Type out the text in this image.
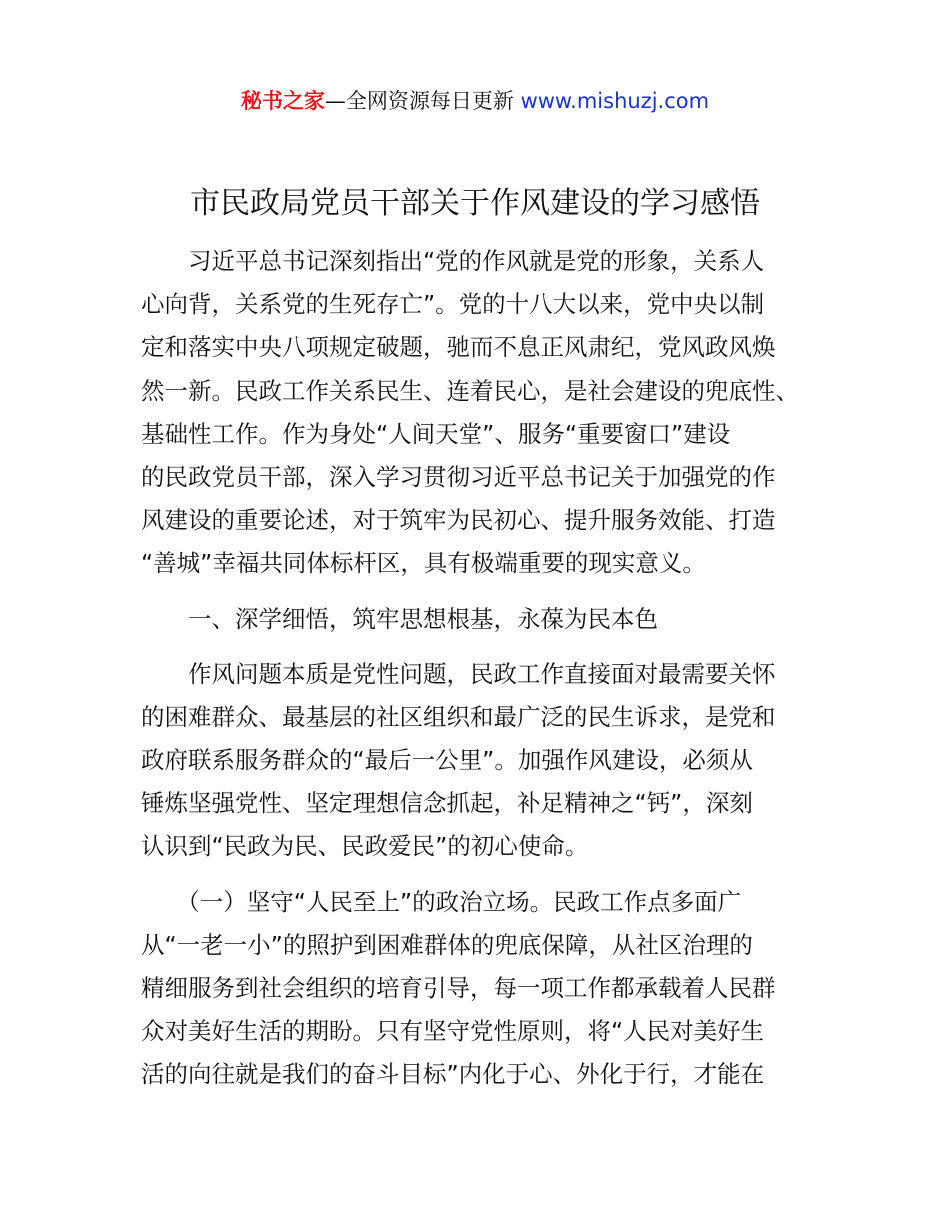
秘书之家—全网资源每日更新 www.mishuzj.com
市民政局党员干部关于作风建设的学习感悟
　　习近平总书记深刻指出“党的作风就是党的形象，关系人
心向背，关系党的生死存亡”。党的十八大以来，党中央以制
定和落实中央八项规定破题，驰而不息正风肃纪，党风政风焕
然一新。民政工作关系民生、连着民心，是社会建设的兜底性、
基础性工作。作为身处“人间天堂”、服务“重要窗口”建设
的民政党员干部，深入学习贯彻习近平总书记关于加强党的作
风建设的重要论述，对于筑牢为民初心、提升服务效能、打造
“善城”幸福共同体标杆区，具有极端重要的现实意义。
　　一、深学细悟，筑牢思想根基，永葆为民本色
　　作风问题本质是党性问题，民政工作直接面对最需要关怀
的困难群众、最基层的社区组织和最广泛的民生诉求，是党和
政府联系服务群众的“最后一公里”。加强作风建设，必须从
锤炼坚强党性、坚定理想信念抓起，补足精神之“钙”，深刻
认识到“民政为民、民政爱民”的初心使命。
　　（一）坚守“人民至上”的政治立场。民政工作点多面广
从“一老一小”的照护到困难群体的兜底保障，从社区治理的
精细服务到社会组织的培育引导，每一项工作都承载着人民群
众对美好生活的期盼。只有坚守党性原则，将“人民对美好生
活的向往就是我们的奋斗目标”内化于心、外化于行，才能在
